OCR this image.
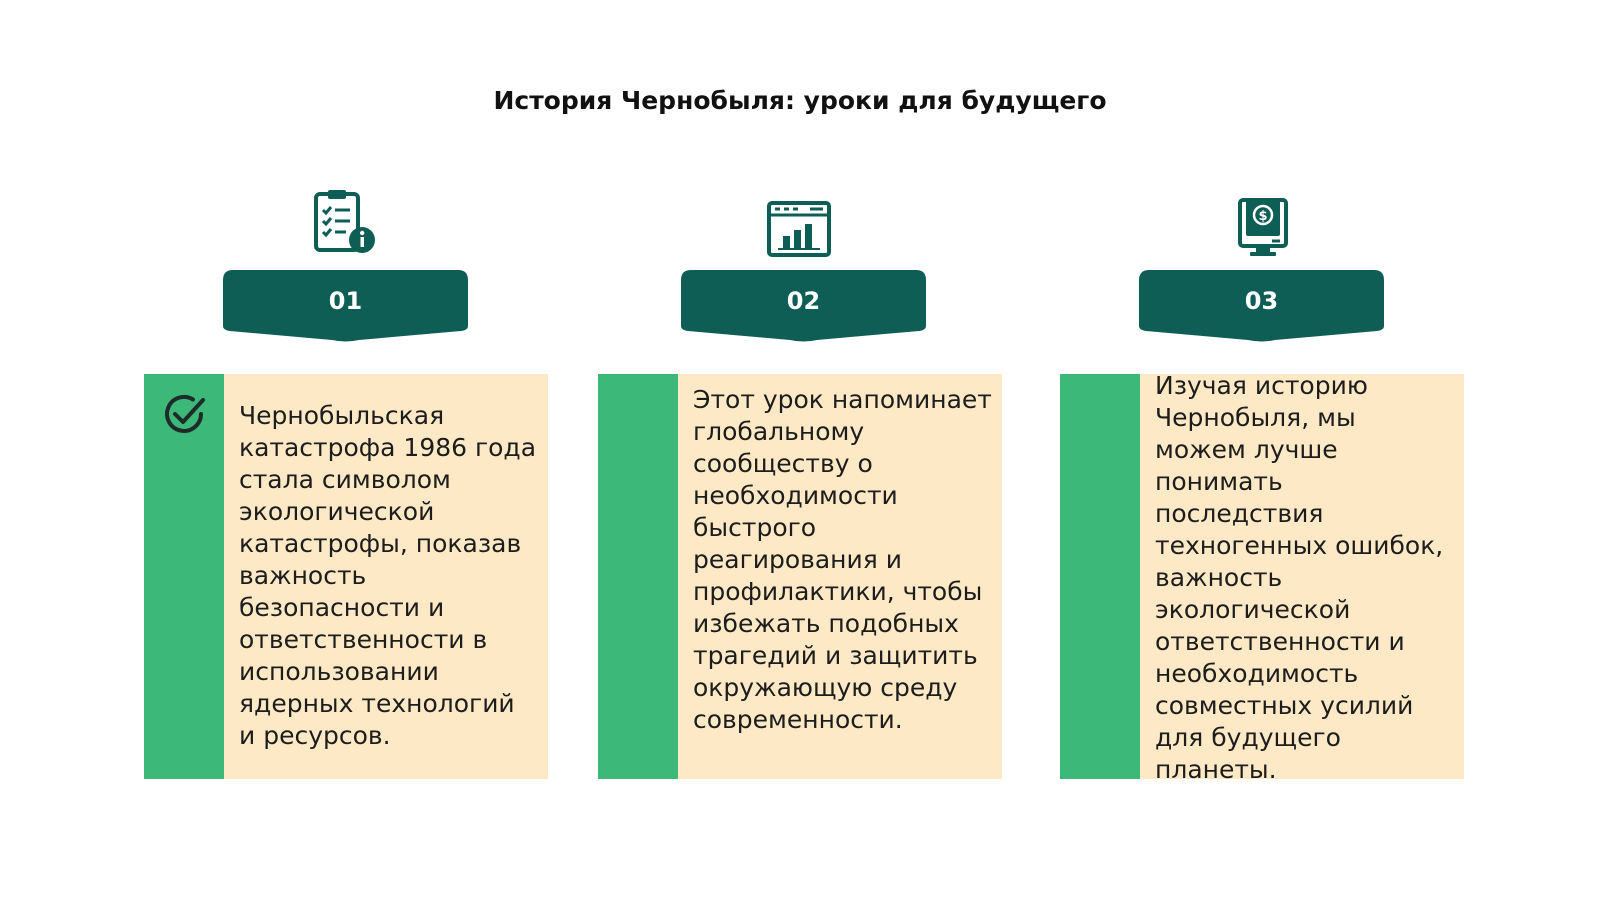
История Чернобыля: уроки для будущего
$
01	02	03
Чернобыльская катастрофа 1986 года стала символом экологической катастрофы, показав важность безопасности и ответственности в использовании ядерных технологий и ресурсов.
Этот урок напоминает глобальному сообществу о необходимости быстрого реагирования и профилактики, чтобы избежать подобных трагедий и защитить окружающую среду современности.
Изучая историю Чернобыля, мы можем лучше понимать последствия техногенных ошибок, важность экологической ответственности и необходимость совместных усилий для будущего планеты.
